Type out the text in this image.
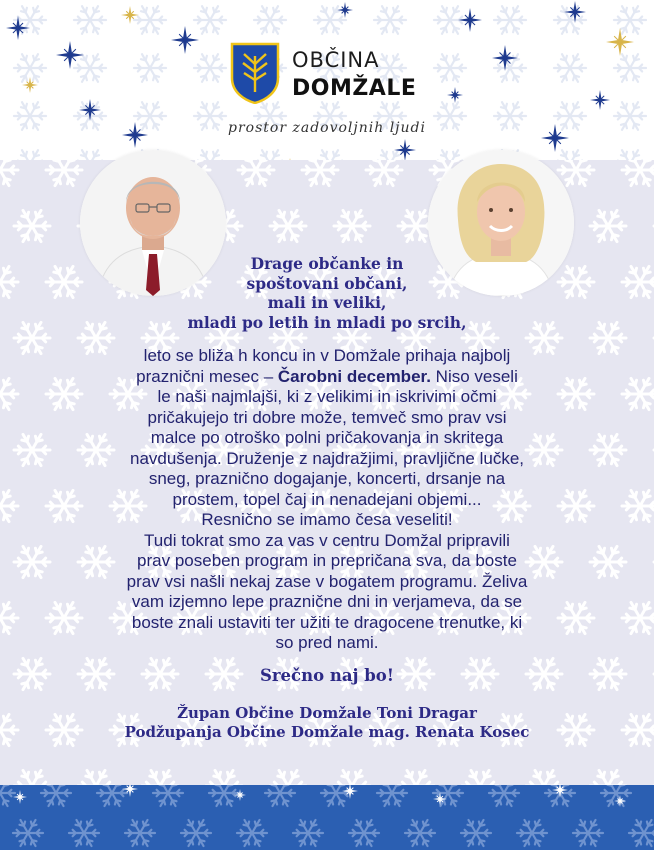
OBČINA
DOMŽALE
prostor zadovoljnih ljudi
Drage občanke in
spoštovani občani,
mali in veliki,
mladi po letih in mladi po srcih,
leto se bliža h koncu in v Domžale prihaja najbolj
praznični mesec – Čarobni december. Niso veseli
le naši najmlajši, ki z velikimi in iskrivimi očmi
pričakujejo tri dobre može, temveč smo prav vsi
malce po otroško polni pričakovanja in skritega
navdušenja. Druženje z najdražjimi, pravljične lučke,
sneg, praznično dogajanje, koncerti, drsanje na
prostem, topel čaj in nenadejani objemi...
Resnično se imamo česa veseliti!
Tudi tokrat smo za vas v centru Domžal pripravili
prav poseben program in prepričana sva, da boste
prav vsi našli nekaj zase v bogatem programu. Želiva
vam izjemno lepe praznične dni in verjameva, da se
boste znali ustaviti ter užiti te dragocene trenutke, ki
so pred nami.
Srečno naj bo!
Župan Občine Domžale Toni Dragar
Podžupanja Občine Domžale mag. Renata Kosec
